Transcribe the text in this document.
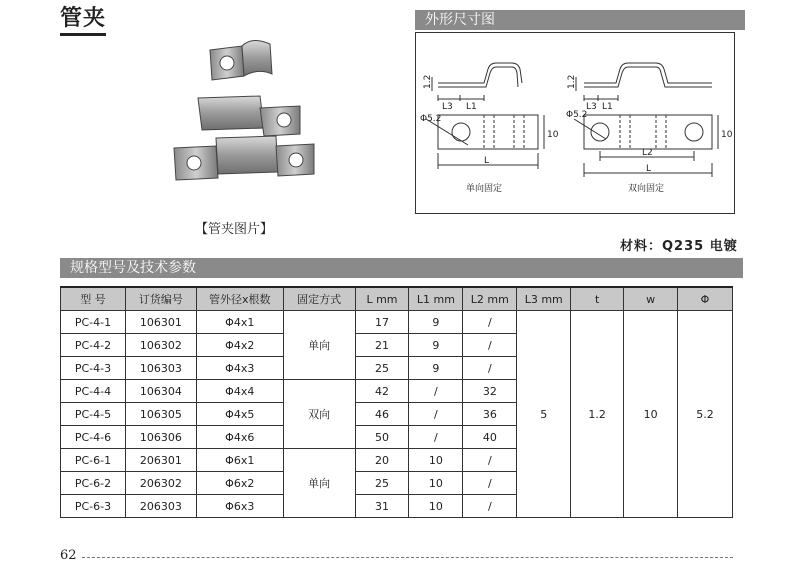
管夹	外形尺寸图
【管夹图片】
1.2
L3 L1
Φ5.2
10
L
单向固定
1.2
L3 L1
Φ5.2
10
L2
L
双向固定
材料：Q235 电镀
规格型号及技术参数
型 号	订货编号	管外径x根数	固定方式	L mm	L1 mm	L2 mm	L3 mm	t	w	Φ
PC-4-1	106301	Φ4x1	单向	17	9	/	5	1.2	10	5.2
PC-4-2	106302	Φ4x2		21	9	/				
PC-4-3	106303	Φ4x3		25	9	/				
PC-4-4	106304	Φ4x4	双向	42	/	32				
PC-4-5	106305	Φ4x5		46	/	36				
PC-4-6	106306	Φ4x6		50	/	40				
PC-6-1	206301	Φ6x1	单向	20	10	/				
PC-6-2	206302	Φ6x2		25	10	/				
PC-6-3	206303	Φ6x3		31	10	/				
62
